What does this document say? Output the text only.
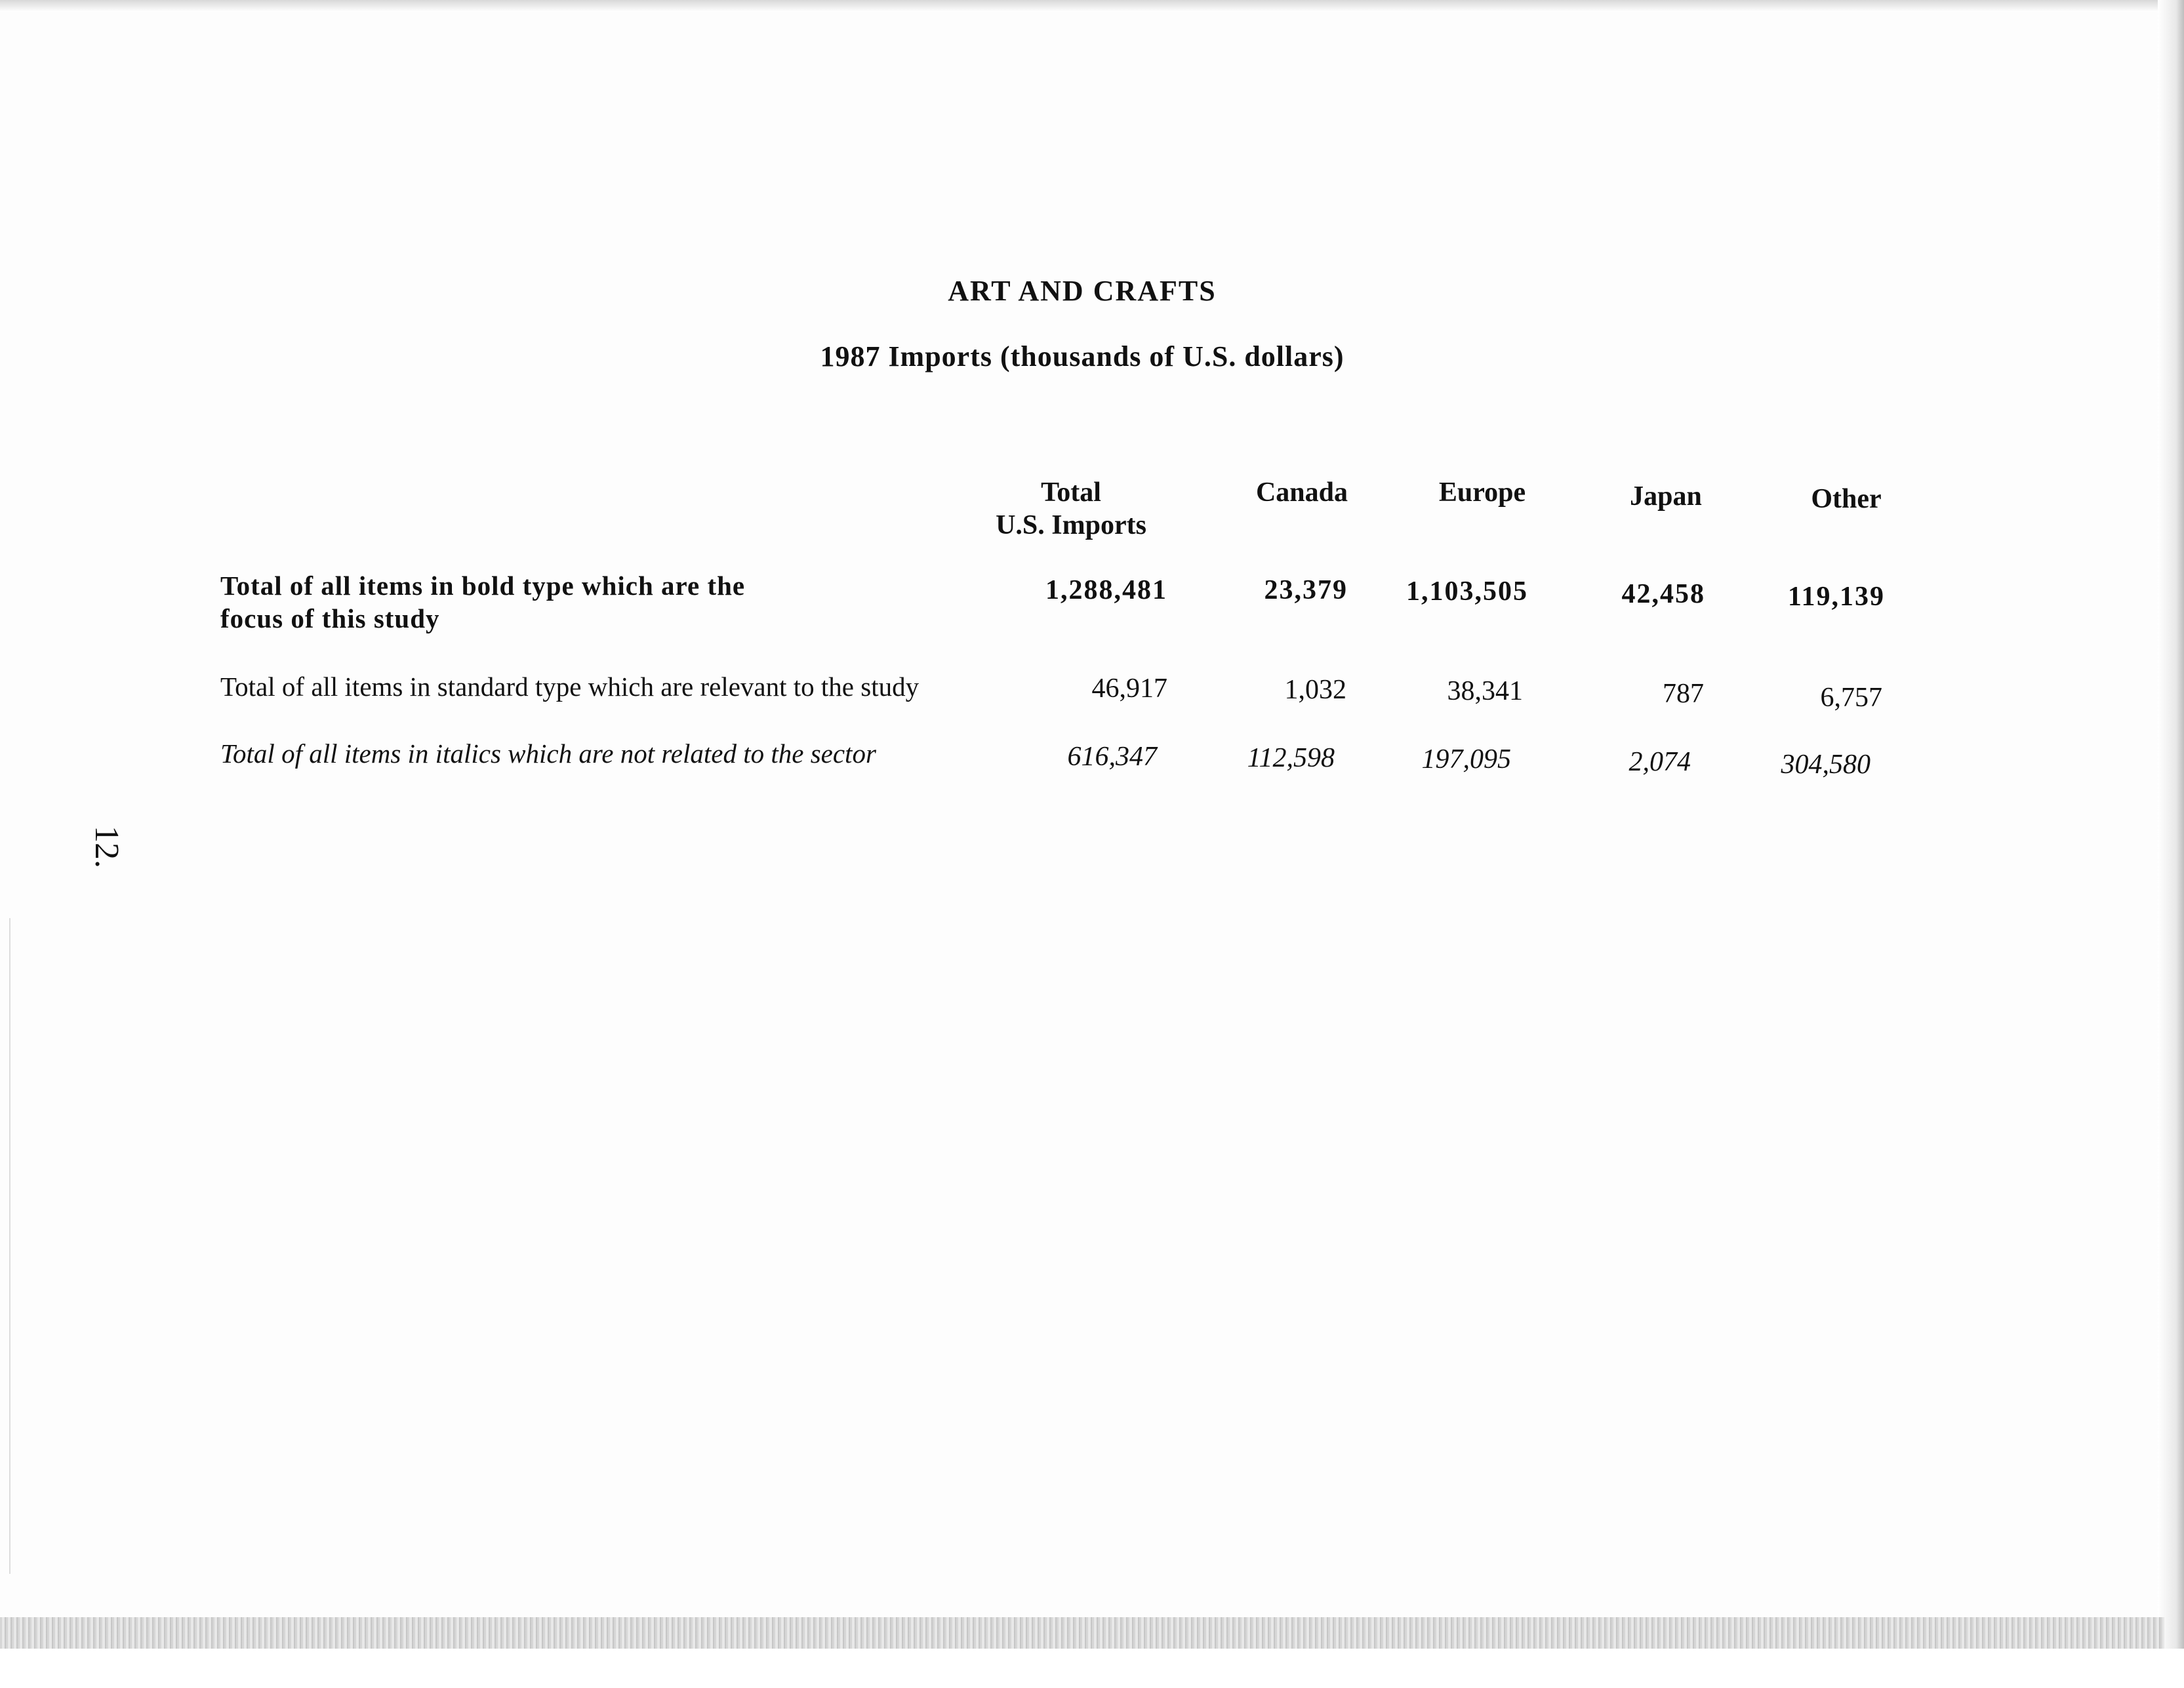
ART AND CRAFTS
1987 Imports (thousands of U.S. dollars)
Total
U.S. Imports
Canada	Europe	Japan	Other
Total of all items in bold type which are the
focus of this study
1,288,481	23,379	1,103,505	42,458	119,139
Total of all items in standard type which are relevant to the study	46,917	1,032	38,341	787	6,757
Total of all items in italics which are not related to the sector	616,347	112,598	197,095	2,074	304,580
12.
